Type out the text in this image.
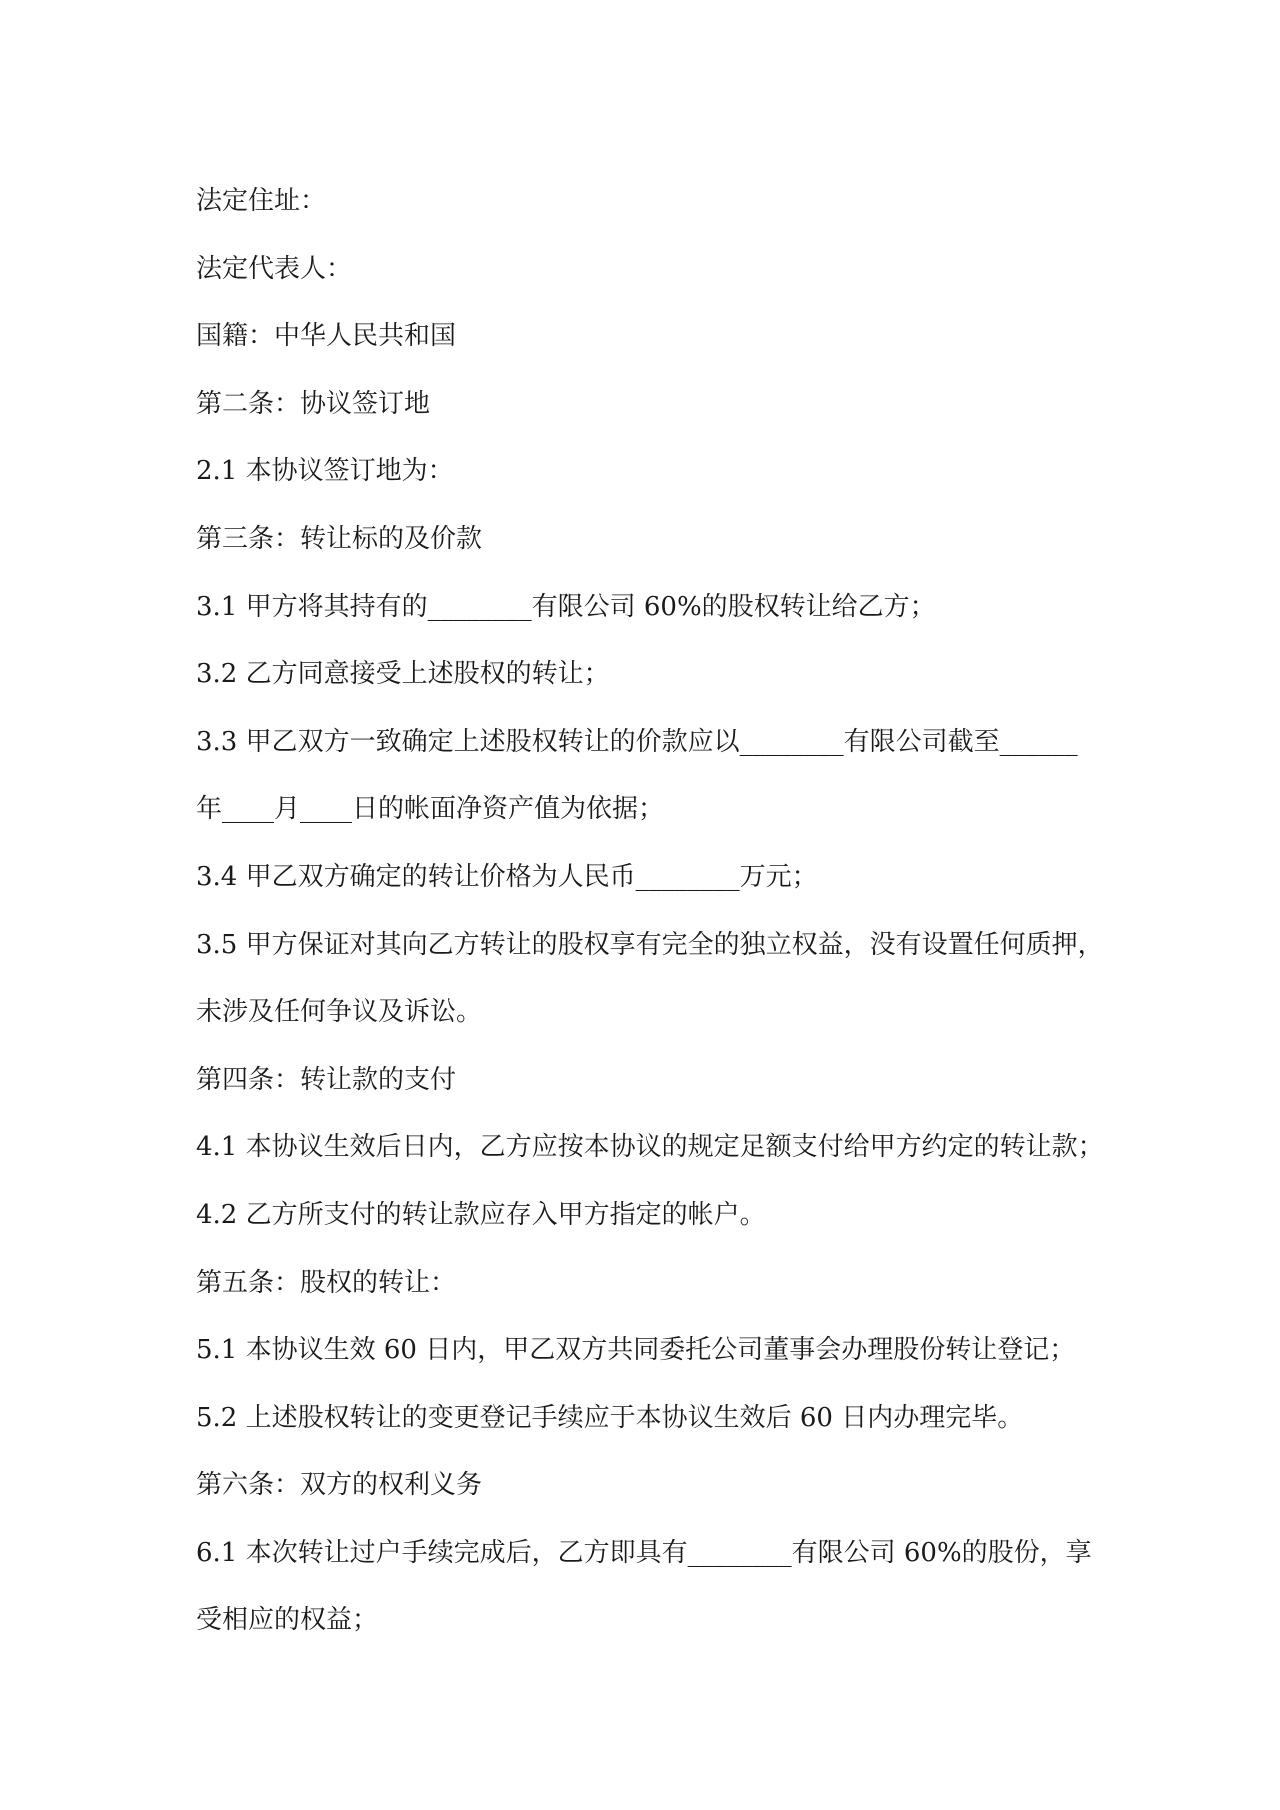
法定住址：
法定代表人：
国籍：中华人民共和国
第二条：协议签订地
2.1 本协议签订地为：
第三条：转让标的及价款
3.1 甲方将其持有的________有限公司 60%的股权转让给乙方；
3.2 乙方同意接受上述股权的转让；
3.3 甲乙双方一致确定上述股权转让的价款应以________有限公司截至______
年____月____日的帐面净资产值为依据；
3.4 甲乙双方确定的转让价格为人民币________万元；
3.5 甲方保证对其向乙方转让的股权享有完全的独立权益，没有设置任何质押，
未涉及任何争议及诉讼。
第四条：转让款的支付
4.1 本协议生效后日内，乙方应按本协议的规定足额支付给甲方约定的转让款；
4.2 乙方所支付的转让款应存入甲方指定的帐户。
第五条：股权的转让：
5.1 本协议生效 60 日内，甲乙双方共同委托公司董事会办理股份转让登记；
5.2 上述股权转让的变更登记手续应于本协议生效后 60 日内办理完毕。
第六条：双方的权利义务
6.1 本次转让过户手续完成后，乙方即具有________有限公司 60%的股份，享
受相应的权益；
